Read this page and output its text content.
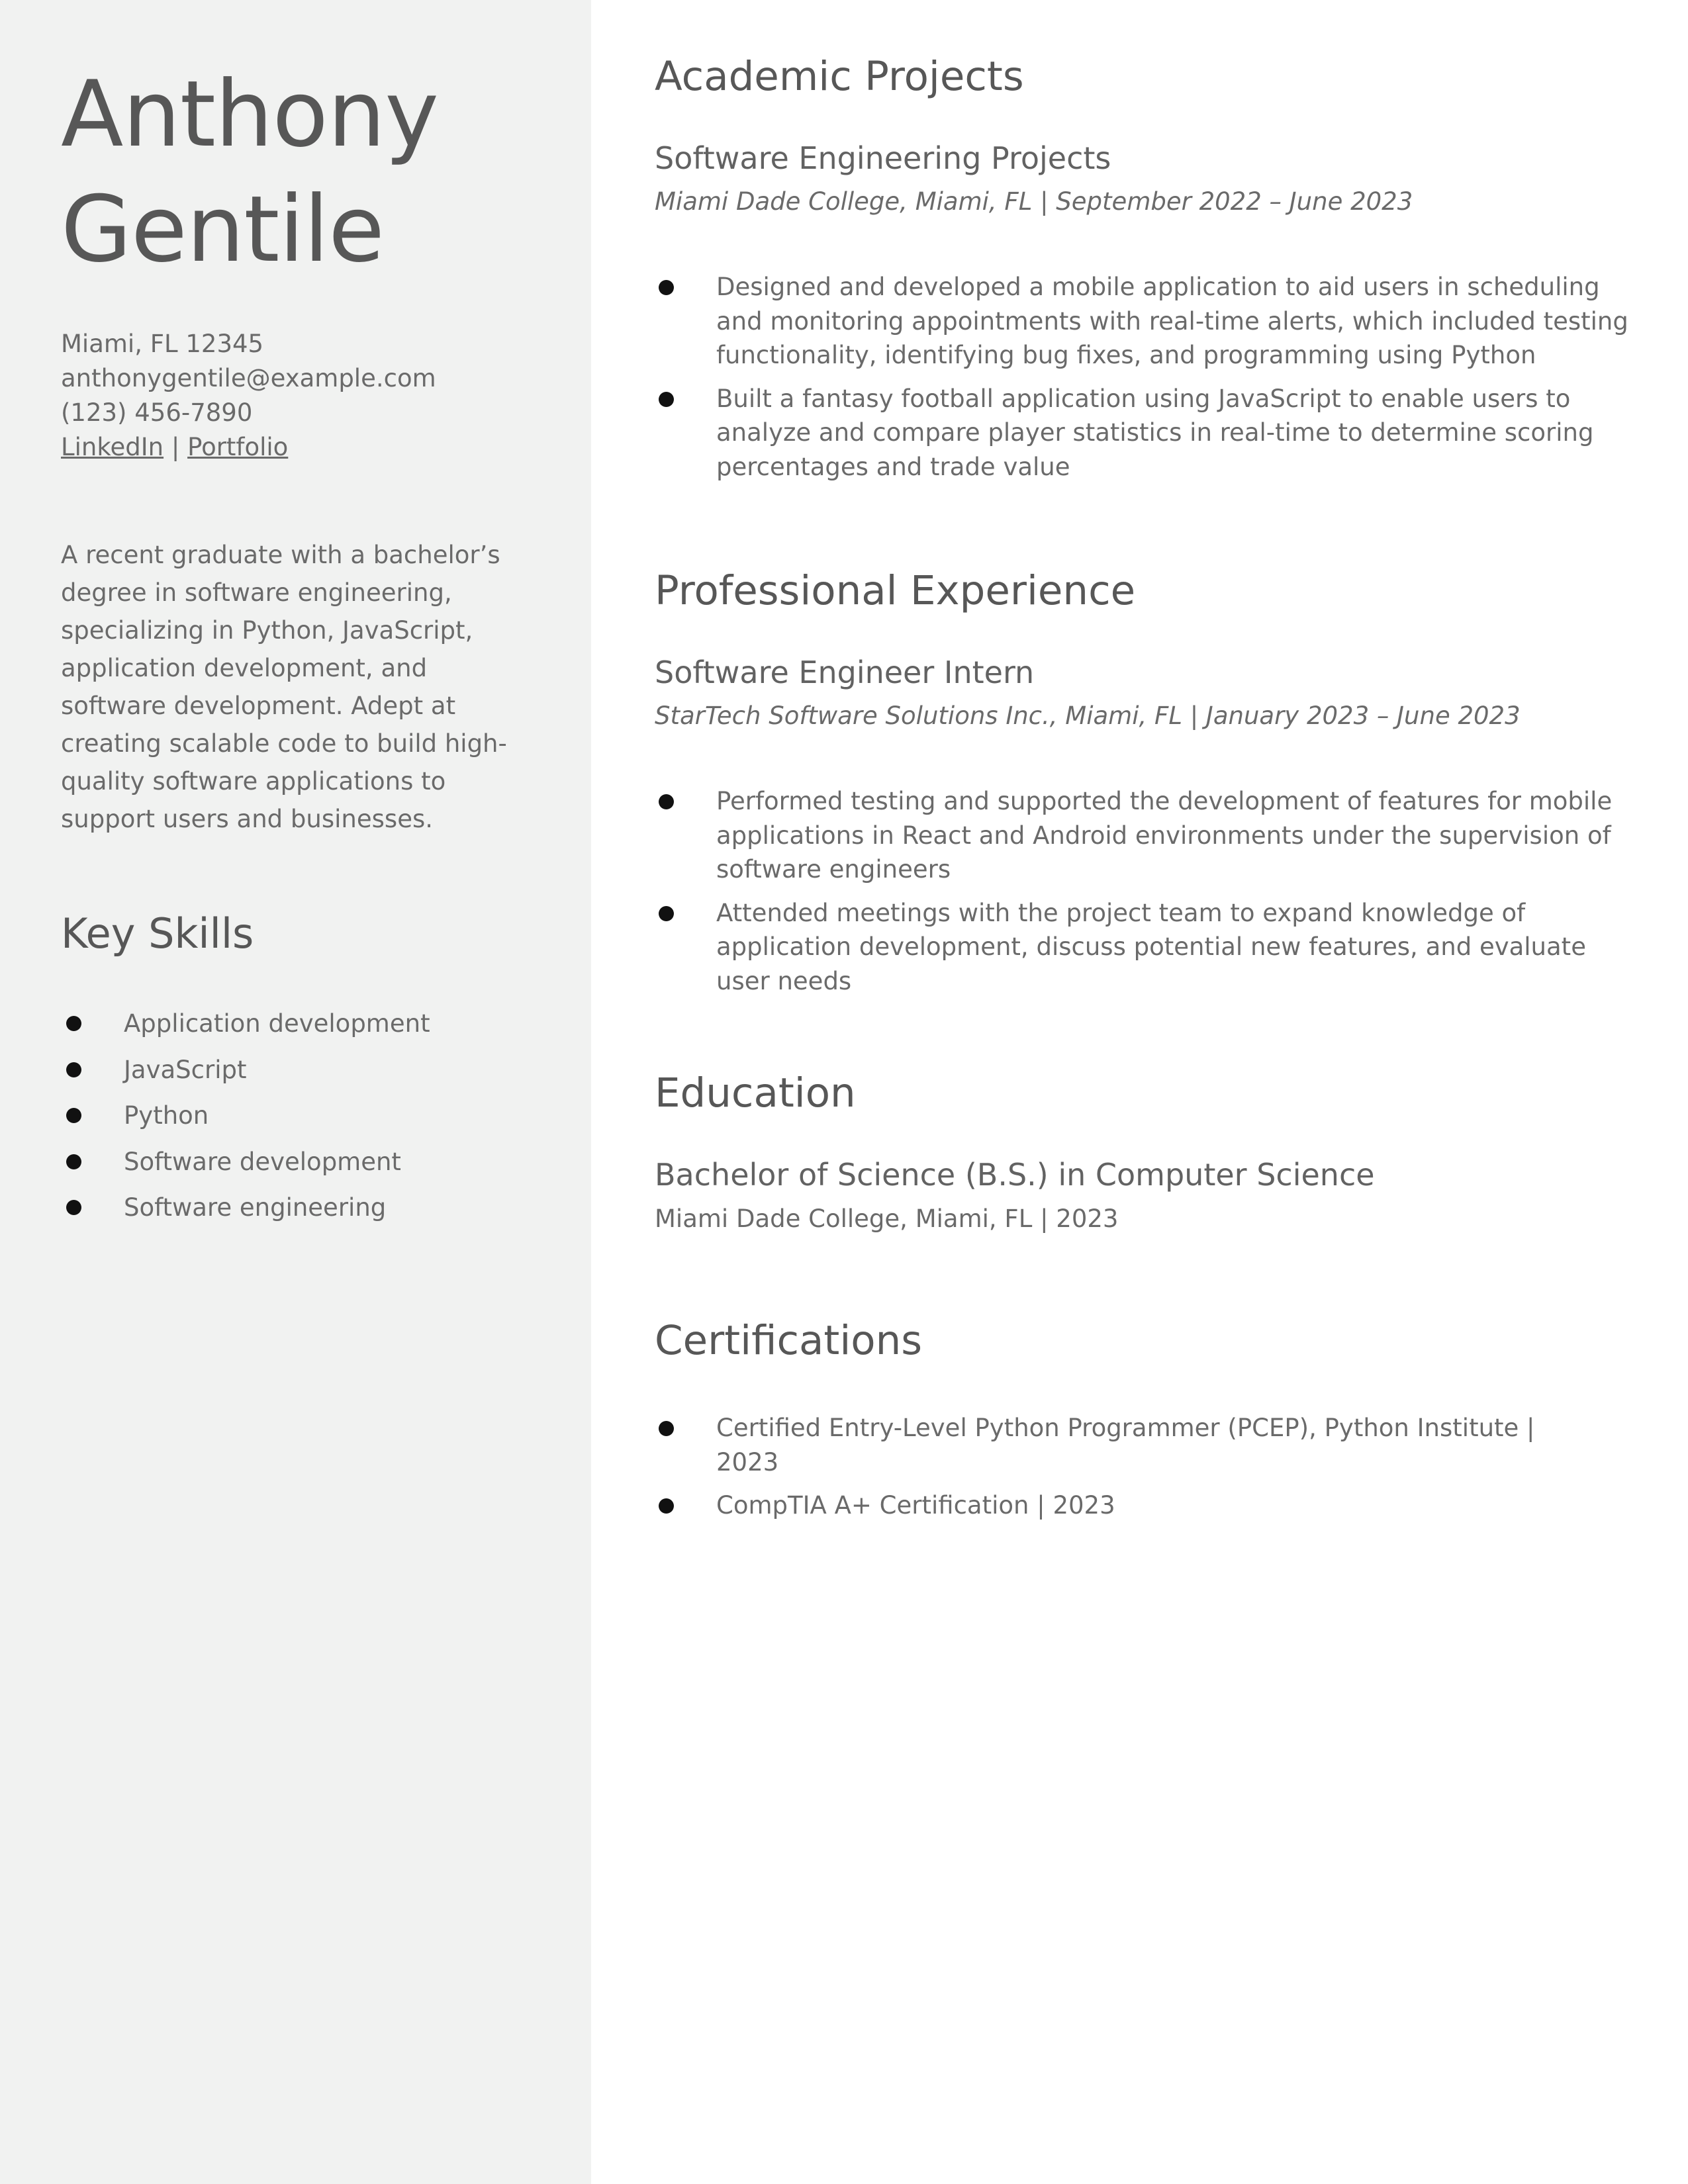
Anthony
Gentile
Miami, FL 12345
anthonygentile@example.com
(123) 456-7890
LinkedIn | Portfolio

A recent graduate with a bachelor’s degree in software engineering, specializing in Python, JavaScript, application development, and software development. Adept at creating scalable code to build high-quality software applications to support users and businesses.

Key Skills
Application development
JavaScript
Python
Software development
Software engineering
Academic Projects
Software Engineering Projects

Miami Dade College, Miami, FL | September 2022 – June 2023

Designed and developed a mobile application to aid users in scheduling and monitoring appointments with real-time alerts, which included testing functionality, identifying bug fixes, and programming using Python
Built a fantasy football application using JavaScript to enable users to analyze and compare player statistics in real-time to determine scoring percentages and trade value
Professional Experience
Software Engineer Intern

StarTech Software Solutions Inc., Miami, FL | January 2023 – June 2023

Performed testing and supported the development of features for mobile applications in React and Android environments under the supervision of software engineers
Attended meetings with the project team to expand knowledge of application development, discuss potential new features, and evaluate user needs
Education
Bachelor of Science (B.S.) in Computer Science

Miami Dade College, Miami, FL | 2023

Certifications
Certified Entry-Level Python Programmer (PCEP), Python Institute | 2023
CompTIA A+ Certification | 2023
